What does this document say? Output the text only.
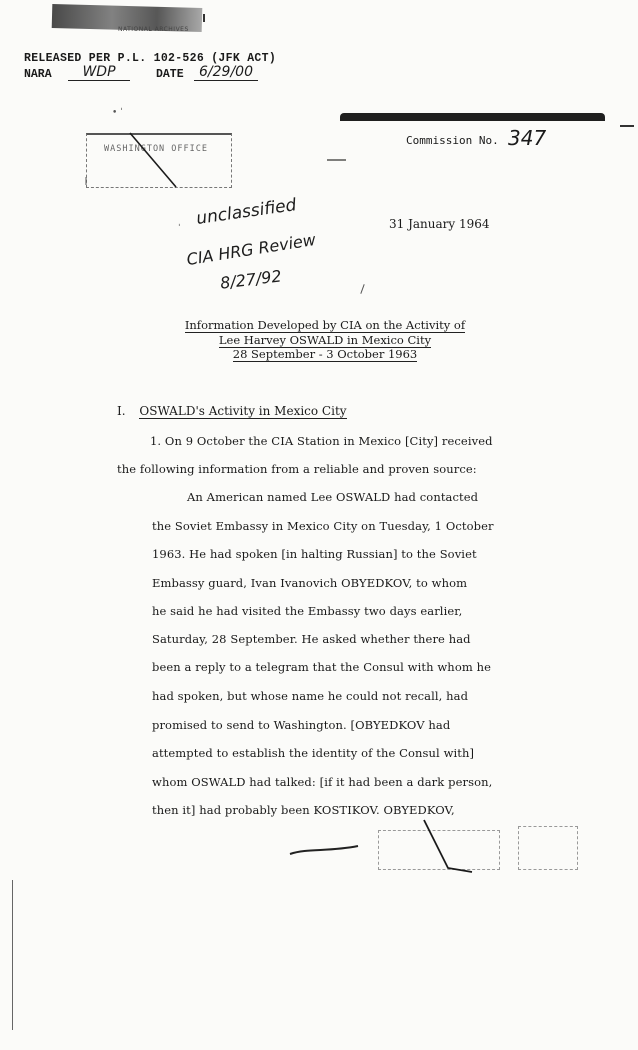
NATIONAL ARCHIVES
RELEASED PER P.L. 102-526 (JFK ACT)
NARA	WDP	DATE	6/29/00
• ˈ
Commission No. 347
WASHINGTON OFFICE
unclassified
CIA HRG Review
8/27/92
ˈ	31 January 1964
Information Developed by CIA on the Activity of
Lee Harvey OSWALD in Mexico City
28 September - 3 October 1963
I. OSWALD's Activity in Mexico City
1. On 9 October the CIA Station in Mexico [City] received
the following information from a reliable and proven source:
An American named Lee OSWALD had contacted
the Soviet Embassy in Mexico City on Tuesday, 1 October
1963. He had spoken [in halting Russian] to the Soviet
Embassy guard, Ivan Ivanovich OBYEDKOV, to whom
he said he had visited the Embassy two days earlier,
Saturday, 28 September. He asked whether there had
been a reply to a telegram that the Consul with whom he
had spoken, but whose name he could not recall, had
promised to send to Washington. [OBYEDKOV had
attempted to establish the identity of the Consul with]
whom OSWALD had talked: [if it had been a dark person,
then it] had probably been KOSTIKOV. OBYEDKOV,
